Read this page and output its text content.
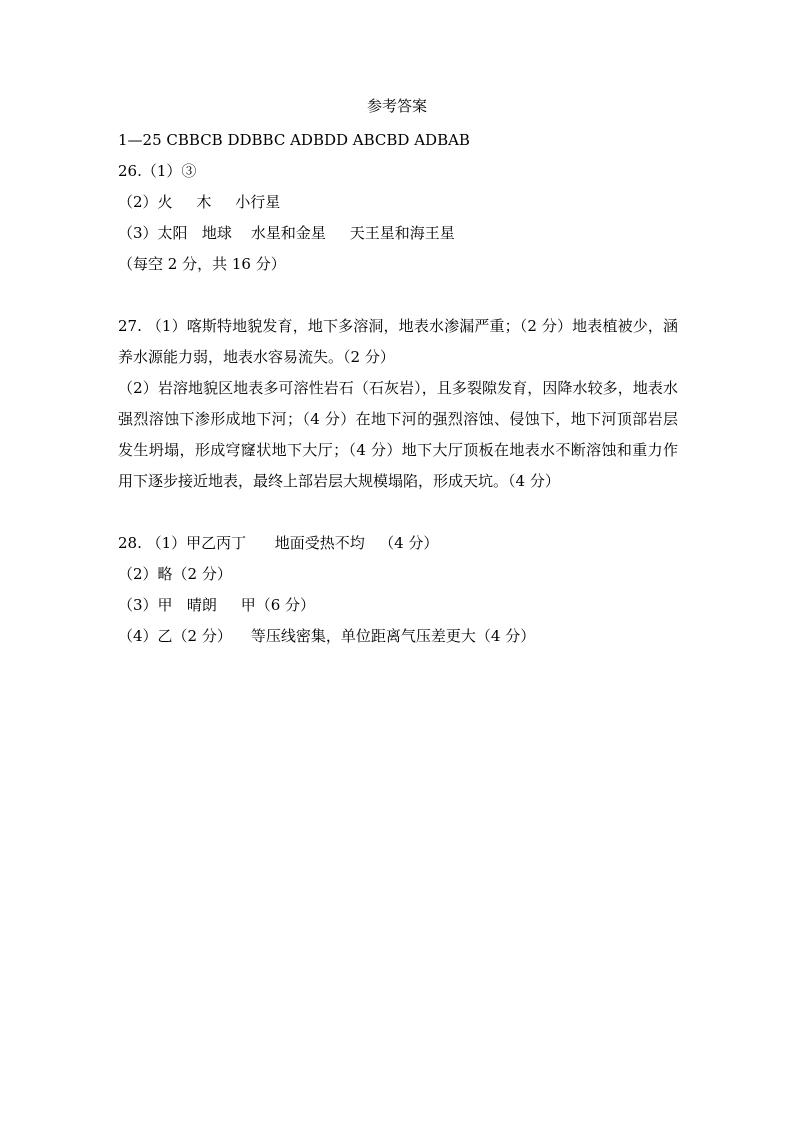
参考答案
1—25 CBBCB DDBBC ADBDD ABCBD ADBAB
26.（1）③
（2）火     木     小行星
（3）太阳   地球    水星和金星     天王星和海王星
（每空 2 分，共 16 分）
27. （1）喀斯特地貌发育，地下多溶洞，地表水渗漏严重；（2 分）地表植被少，涵养水源能力弱，地表水容易流失。（2 分）
（2）岩溶地貌区地表多可溶性岩石（石灰岩），且多裂隙发育，因降水较多，地表水强烈溶蚀下渗形成地下河；（4 分）在地下河的强烈溶蚀、侵蚀下，地下河顶部岩层发生坍塌，形成穹窿状地下大厅；（4 分）地下大厅顶板在地表水不断溶蚀和重力作用下逐步接近地表，最终上部岩层大规模塌陷，形成天坑。（4 分）
28. （1）甲乙丙丁      地面受热不均   （4 分）
（2）略（2 分）
（3）甲   晴朗     甲（6 分）
（4）乙（2 分）    等压线密集，单位距离气压差更大（4 分）
